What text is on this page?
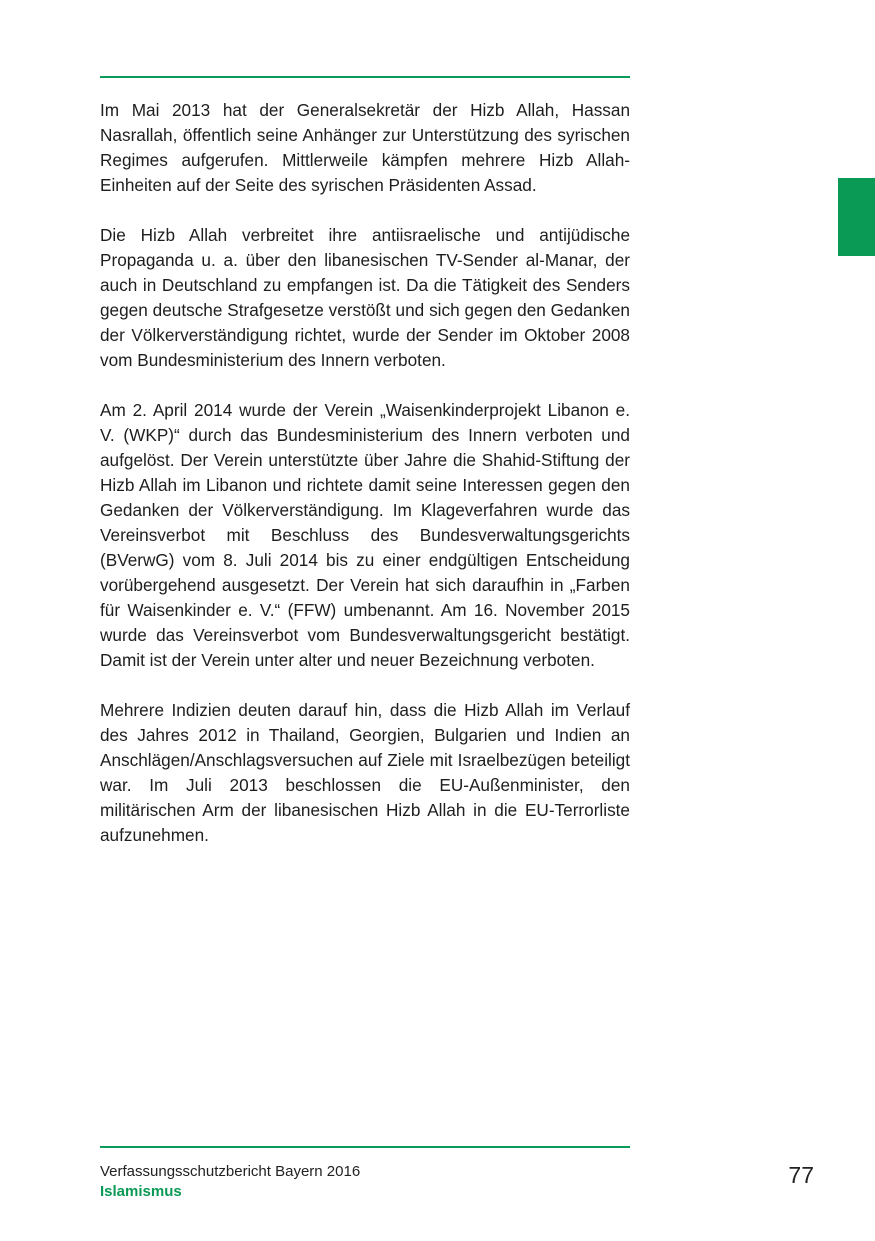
Im Mai 2013 hat der Generalsekretär der Hizb Allah, Hassan Nasrallah, öffentlich seine Anhänger zur Unterstützung des syrischen Regimes aufgerufen. Mittlerweile kämpfen mehrere Hizb Allah-Einheiten auf der Seite des syrischen Präsidenten Assad.

Die Hizb Allah verbreitet ihre antiisraelische und antijüdische Propaganda u. a. über den libanesischen TV-Sender al-Manar, der auch in Deutschland zu empfangen ist. Da die Tätigkeit des Senders gegen deutsche Strafgesetze verstößt und sich gegen den Gedanken der Völkerverständigung richtet, wurde der Sender im Oktober 2008 vom Bundesministerium des Innern verboten.

Am 2. April 2014 wurde der Verein „Waisenkinderprojekt Libanon e. V. (WKP)“ durch das Bundesministerium des Innern verboten und aufgelöst. Der Verein unterstützte über Jahre die Shahid-Stiftung der Hizb Allah im Libanon und richtete damit seine Interessen gegen den Gedanken der Völkerverständigung. Im Klageverfahren wurde das Vereinsverbot mit Beschluss des Bundesverwaltungsgerichts (BVerwG) vom 8. Juli 2014 bis zu einer endgültigen Entscheidung vorübergehend ausgesetzt. Der Verein hat sich daraufhin in „Farben für Waisenkinder e. V.“ (FFW) umbenannt. Am 16. November 2015 wurde das Vereinsverbot vom Bundesverwaltungsgericht bestätigt. Damit ist der Verein unter alter und neuer Bezeichnung verboten.

Mehrere Indizien deuten darauf hin, dass die Hizb Allah im Verlauf des Jahres 2012 in Thailand, Georgien, Bulgarien und Indien an Anschlägen/Anschlagsversuchen auf Ziele mit Israelbezügen beteiligt war. Im Juli 2013 beschlossen die EU-Außenminister, den militärischen Arm der libanesischen Hizb Allah in die EU-Terrorliste aufzunehmen.

Verfassungsschutzbericht Bayern 2016
Islamismus
77
